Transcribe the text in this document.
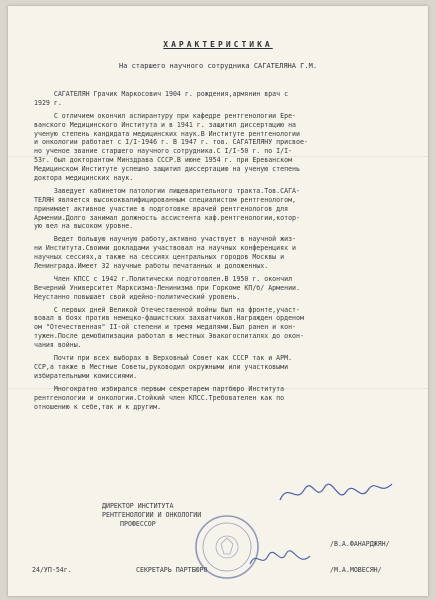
ХАРАКТЕРИСТИКА
На старшего научного сотрудника САГАТЕЛЯНА Г.М.
САГАТЕЛЯН Грачик Маркосович 1904 г. рождения,армянин врач с
1929 г.
С отличием окончил аспирантуру при кафедре рентгенологии Ере-
ванского Медицинского Института и в 1941 г. защитил диссертацию на
ученую степень кандидата медицинских наук.В Институте рентгенологии
и онкологии работает с I/I-1946 г. В 1947 г. тов. САГАТЕЛЯНУ присвое-
но ученое звание старшего научного сотрудника.С I/I-50 г. по I/I-
53г. был докторантом Минздрава СССР.В июне 1954 г. при Ереванском
Медицинском Институте успешно защитил диссертацию на ученую степень
доктора медицинских наук.
Заведует кабинетом патологии пищеварительного тракта.Тов.САГА-
ТЕЛЯН является высококвалифицированным специалистом рентгенологом,
принимает активное участие в подготовке врачей рентгенологов для
Армении.Долго занимал должность ассистента каф.рентгенологии,котор-
ую вел на высоком уровне.
Ведет большую научную работу,активно участвует в научной жиз-
ни Института.Своими докладами участвовал на научных конференциях и
научных сессиях,а также на сессиях центральных городов Москвы и
Ленинграда.Имеет 32 научные работы печатанных и доложенных.
Член КПСС с 1942 г.Политически подготовлен.В 1950 г. окончил
Вечерний Университет Марксизма-Ленинизма при Горкоме КП/б/ Армении.
Неустанно повышает свой идейно-политический уровень.
С первых дней Великой Отечественной войны был на фронте,участ-
вовал в боях против немецко-фашистских захватчиков.Награжден орденом
ом "Отечественная" II-ой степени и тремя медалями.Был ранен и кон-
тужен.После демобилизации работал в местных Эвакогоспиталях до окон-
чания войны.
Почти при всех выборах в Верховный Совет как СССР так и АРМ.
ССР,а также в Местные Советы,руководил окружными или участковыми
избирательными комиссиями.
Многократно избирался первым секретарем партбюро Института
рентгенологии и онкологии.Стойкий член КПСС.Требователен как по
отношению к себе,так и к другим.
ДИРЕКТОР ИНСТИТУТА
РЕНТГЕНОЛОГИИ И ОНКОЛОГИИ
ПРОФЕССОР
/В.А.ФАНАРДЖЯН/
24/УП-54г.	СЕКРЕТАРЬ ПАРТБЮРО	/М.А.МОВЕСЯН/
